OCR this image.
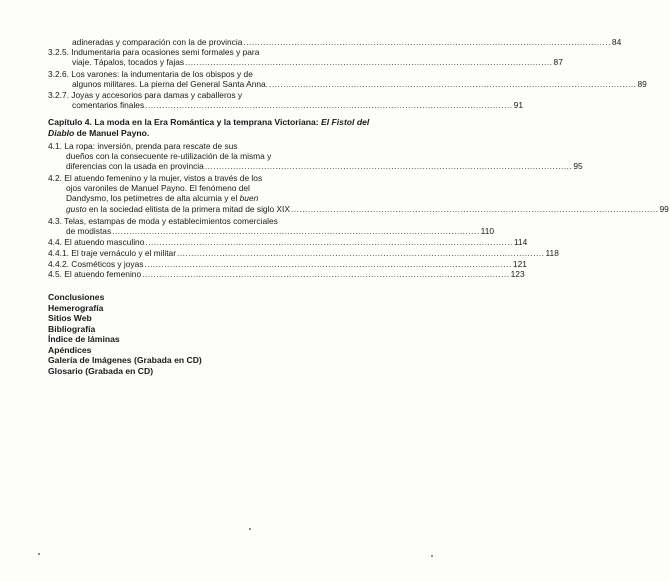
adineradas y comparación con la de provincia .................................................................................................................................. 84
3.2.5. Indumentaria para ocasiones semi formales y para
viaje. Tápalos, tocados y fajas .................................................................................................................................. 87
3.2.6. Los varones: la indumentaria de los obispos y de
algunos militares. La pierna del General Santa Anna. .................................................................................................................................. 89
3.2.7. Joyas y accesorios para damas y caballeros y
comentarios finales .................................................................................................................................. 91
Capítulo 4. La moda en la Era Romántica y la temprana Victoriana: El Fistol del
Diablo de Manuel Payno.
4.1. La ropa: inversión, prenda para rescate de sus
dueños con la consecuente re-utilización de la misma y
diferencias con la usada en provincia .................................................................................................................................. 95
4.2. El atuendo femenino y la mujer, vistos a través de los
ojos varoniles de Manuel Payno. El fenómeno del
Dandysmo, los petimetres de alta alcurnia y el buen
gusto en la sociedad elitista de la primera mitad de siglo XIX .................................................................................................................................. 99
4.3. Telas, estampas de moda y establecimientos comerciales
de modistas .................................................................................................................................. 110
4.4. El atuendo masculino .................................................................................................................................. 114
4.4.1. El traje vernáculo y el militar .................................................................................................................................. 118
4.4.2. Cosméticos y joyas .................................................................................................................................. 121
4.5. El atuendo femenino .................................................................................................................................. 123
Conclusiones
Hemerografía
Sitios Web
Bibliografía
Índice de láminas
Apéndices
Galería de Imágenes (Grabada en CD)
Glosario (Grabada en CD)
